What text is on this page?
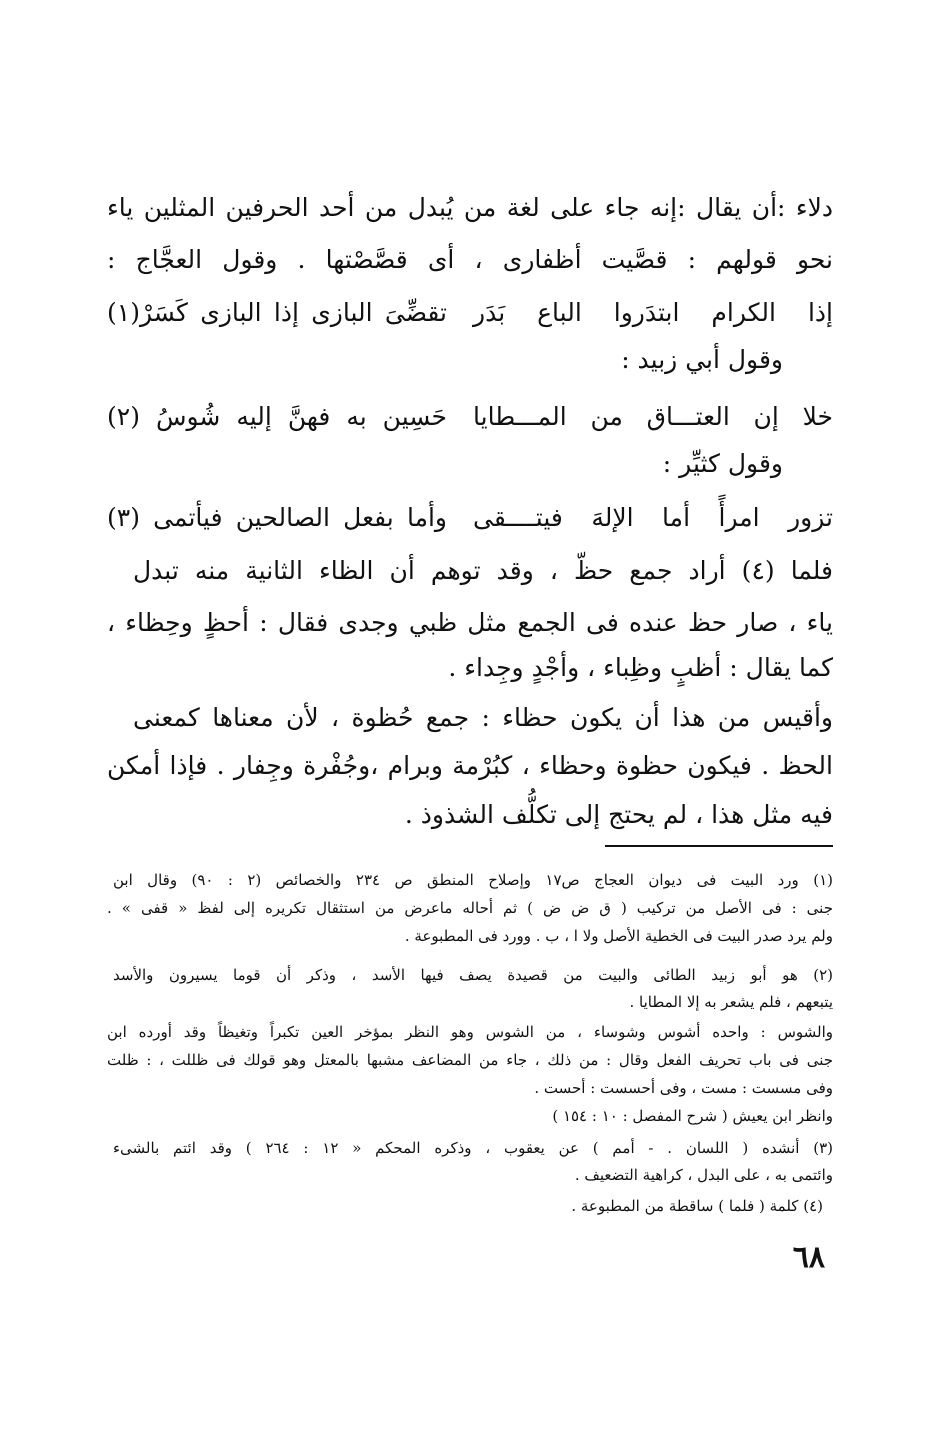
دلاء :أن يقال :إنه جاء على لغة من يُبدل من أحد الحرفين المثلين ياء
نحو قولهم : قصَّيت أظفارى ، أى قصَّصْتها . وقول العجَّاج :
إذا الكرام ابتدَروا الباع بَدَر
تقضِّىَ البازى إذا البازى كَسَرْ(١)
وقول أبي زبيد :
خلا إن العتـــاق من المـــطايا
حَسِين به فهنَّ إليه شُوسُ (٢)
وقول كثيِّر :
تزور امرأً أما الإلهَ فيتــــقى
وأما بفعل الصالحين فيأتمى (٣)
فلما (٤) أراد جمع حظّ ، وقد توهم أن الظاء الثانية منه تبدل
ياء ، صار حظ عنده فى الجمع مثل ظبي وجدى فقال : أحظٍ وحِظاء ،
كما يقال : أظبٍ وظِباء ، وأجْدٍ وجِداء .
وأقيس من هذا أن يكون حظاء : جمع حُظوة ، لأن معناها كمعنى
الحظ . فيكون حظوة وحظاء ، كبُرْمة وبرام ،وجُفْرة وجِفار . فإذا أمكن
فيه مثل هذا ، لم يحتج إلى تكلُّف الشذوذ .
(١) ورد البيت فى ديوان العجاج ص١٧ وإصلاح المنطق ص ٢٣٤ والخصائص (٢ : ٩٠) وقال ابن
جنى : فى الأصل من تركيب ( ق ض ض ) ثم أحاله ماعرض من استثقال تكريره إلى لفظ « قفى » .
ولم يرد صدر البيت فى الخطية الأصل ولا ا ، ب . وورد فى المطبوعة .
(٢) هو أبو زبيد الطائى والبيت من قصيدة يصف فيها الأسد ، وذكر أن قوما يسيرون والأسد
يتبعهم ، فلم يشعر به إلا المطايا .
والشوس : واحده أشوس وشوساء ، من الشوس وهو النظر بمؤخر العين تكبراً وتغيظاً وقد أورده ابن
جنى فى باب تحريف الفعل وقال : من ذلك ، جاء من المضاعف مشبها بالمعتل وهو قولك فى ظللت ، : ظلت
وفى مسست : مست ، وفى أحسست : أحست .
وانظر ابن يعيش ( شرح المفصل : ١٠ : ١٥٤ )
(٣) أنشده ( اللسان . - أمم ) عن يعقوب ، وذكره المحكم « ١٢ : ٢٦٤ ) وقد ائتم بالشىء
وائتمى به ، على البدل ، كراهية التضعيف .
(٤) كلمة ( فلما ) ساقطة من المطبوعة .
٦٨
